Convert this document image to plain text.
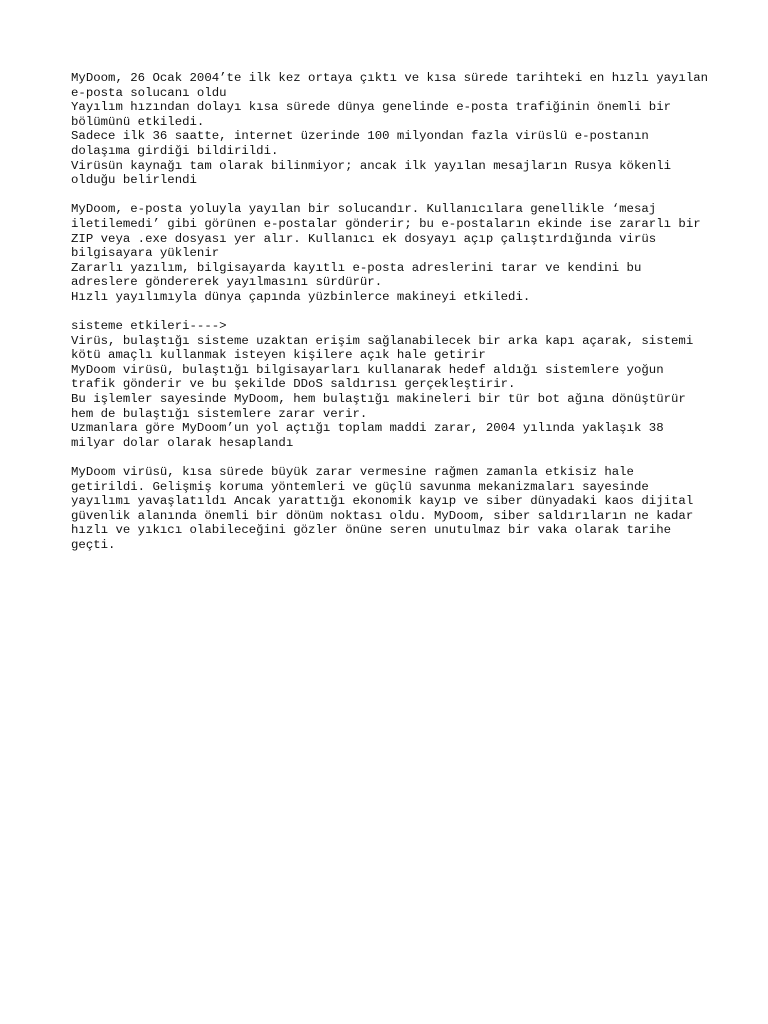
MyDoom, 26 Ocak 2004’te ilk kez ortaya çıktı ve kısa sürede tarihteki en hızlı yayılan e-posta solucanı oldu
Yayılım hızından dolayı kısa sürede dünya genelinde e-posta trafiğinin önemli bir bölümünü etkiledi.
Sadece ilk 36 saatte, internet üzerinde 100 milyondan fazla virüslü e-postanın dolaşıma girdiği bildirildi.
Virüsün kaynağı tam olarak bilinmiyor; ancak ilk yayılan mesajların Rusya kökenli olduğu belirlendi
MyDoom, e-posta yoluyla yayılan bir solucandır. Kullanıcılara genellikle ‘mesaj iletilemedi’ gibi görünen e-postalar gönderir; bu e-postaların ekinde ise zararlı bir ZIP veya .exe dosyası yer alır. Kullanıcı ek dosyayı açıp çalıştırdığında virüs bilgisayara yüklenir
Zararlı yazılım, bilgisayarda kayıtlı e-posta adreslerini tarar ve kendini bu adreslere göndererek yayılmasını sürdürür.
Hızlı yayılımıyla dünya çapında yüzbinlerce makineyi etkiledi.
sisteme etkileri---->
Virüs, bulaştığı sisteme uzaktan erişim sağlanabilecek bir arka kapı açarak, sistemi kötü amaçlı kullanmak isteyen kişilere açık hale getirir
MyDoom virüsü, bulaştığı bilgisayarları kullanarak hedef aldığı sistemlere yoğun trafik gönderir ve bu şekilde DDoS saldırısı gerçekleştirir.
Bu işlemler sayesinde MyDoom, hem bulaştığı makineleri bir tür bot ağına dönüştürür hem de bulaştığı sistemlere zarar verir.
Uzmanlara göre MyDoom’un yol açtığı toplam maddi zarar, 2004 yılında yaklaşık 38 milyar dolar olarak hesaplandı
MyDoom virüsü, kısa sürede büyük zarar vermesine rağmen zamanla etkisiz hale getirildi. Gelişmiş koruma yöntemleri ve güçlü savunma mekanizmaları sayesinde yayılımı yavaşlatıldı Ancak yarattığı ekonomik kayıp ve siber dünyadaki kaos dijital güvenlik alanında önemli bir dönüm noktası oldu. MyDoom, siber saldırıların ne kadar hızlı ve yıkıcı olabileceğini gözler önüne seren unutulmaz bir vaka olarak tarihe geçti.
